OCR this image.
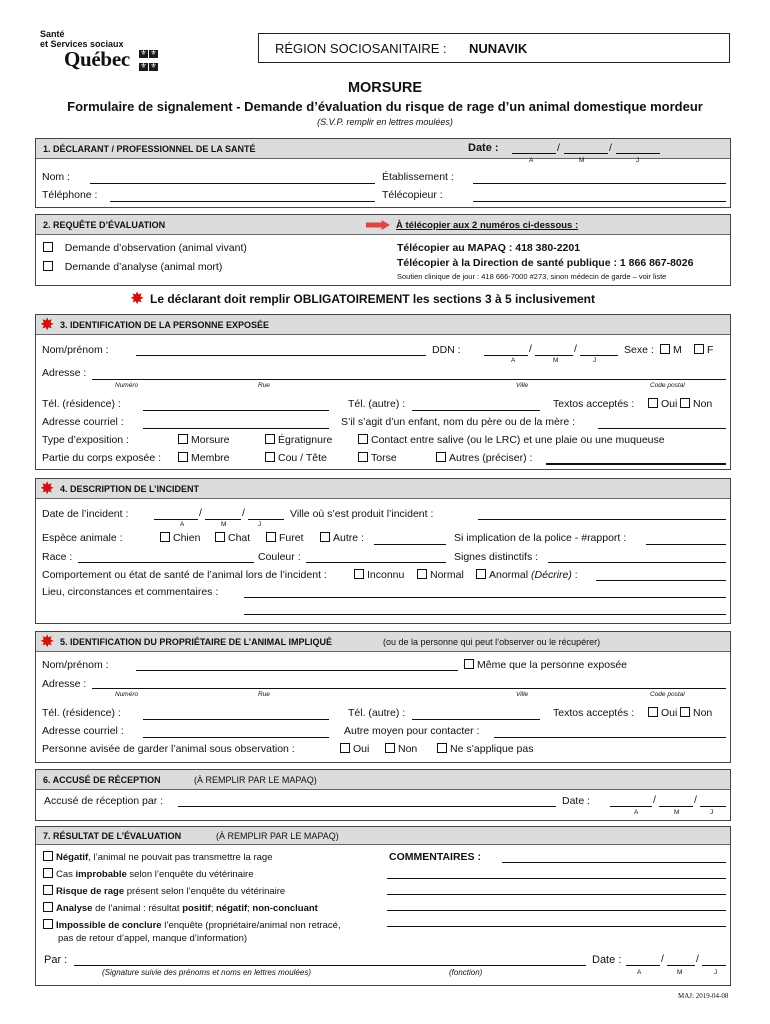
Santé
et Services sociaux
Québec ⚜ ⚜
⚜ ⚜
RÉGION SOCIOSANITAIRE : NUNAVIK
MORSURE
Formulaire de signalement - Demande d’évaluation du risque de rage d’un animal domestique mordeur
(S.V.P. remplir en lettres moulées)
1. DÉCLARANT / PROFESSIONNEL DE LA SANTÉ	Date :	/	/
A	M	J
Nom :
Téléphone :
Établissement :
Télécopieur :
2. REQUÊTE D’ÉVALUATION	À télécopier aux 2 numéros ci-dessous :
Demande d’observation (animal vivant)
Demande d’analyse (animal mort)
Télécopier au MAPAQ : 418 380-2201
Télécopier à la Direction de santé publique : 1 866 867-8026
Soutien clinique de jour : 418 666-7000 #273, sinon médecin de garde – voir liste
✸ Le déclarant doit remplir OBLIGATOIREMENT les sections 3 à 5 inclusivement
✸ 3. IDENTIFICATION DE LA PERSONNE EXPOSÉE
Nom/prénom :	DDN :	/	/
A	M	J
Sexe :	M	F
Adresse :
Numéro	Rue	Ville	Code postal
Tél. (résidence) :	Tél. (autre) :	Textos acceptés :	Oui	Non
Adresse courriel :	S’il s’agit d’un enfant, nom du père ou de la mère :
Type d’exposition :	Morsure	Égratignure	Contact entre salive (ou le LRC) et une plaie ou une muqueuse
Partie du corps exposée :	Membre	Cou / Tête	Torse	Autres (préciser) :
✸ 4. DESCRIPTION DE L’INCIDENT
Date de l’incident :	/	/
A	M	J
Ville où s’est produit l’incident :
Espèce animale :	Chien	Chat	Furet	Autre :	Si implication de la police - #rapport :
Race :	Couleur :	Signes distinctifs :
Comportement ou état de santé de l’animal lors de l’incident :	Inconnu	Normal	Anormal (Décrire) :
Lieu, circonstances et commentaires :
✸ 5. IDENTIFICATION DU PROPRIÉTAIRE DE L’ANIMAL IMPLIQUÉ	(ou de la personne qui peut l’observer ou le récupérer)
Nom/prénom :	Même que la personne exposée
Adresse :
Numéro	Rue	Ville	Code postal
Tél. (résidence) :	Tél. (autre) :	Textos acceptés :	Oui	Non
Adresse courriel :	Autre moyen pour contacter :
Personne avisée de garder l’animal sous observation :	Oui	Non	Ne s’applique pas
6. ACCUSÉ DE RÉCEPTION	(À REMPLIR PAR LE MAPAQ)
Accusé de réception par :	Date :	/	/
A	M	J
7. RÉSULTAT DE L’ÉVALUATION	(À REMPLIR PAR LE MAPAQ)
Négatif, l’animal ne pouvait pas transmettre la rage
Cas improbable selon l’enquête du vétérinaire
Risque de rage présent selon l’enquête du vétérinaire
Analyse de l’animal : résultat positif; négatif; non-concluant
Impossible de conclure l’enquête (propriétaire/animal non retracé,
pas de retour d’appel, manque d’information)
COMMENTAIRES :
Par :
(Signature suivie des prénoms et noms en lettres moulées)	(fonction)
Date :	/	/
A	M	J
MAJ: 2019-04-08
